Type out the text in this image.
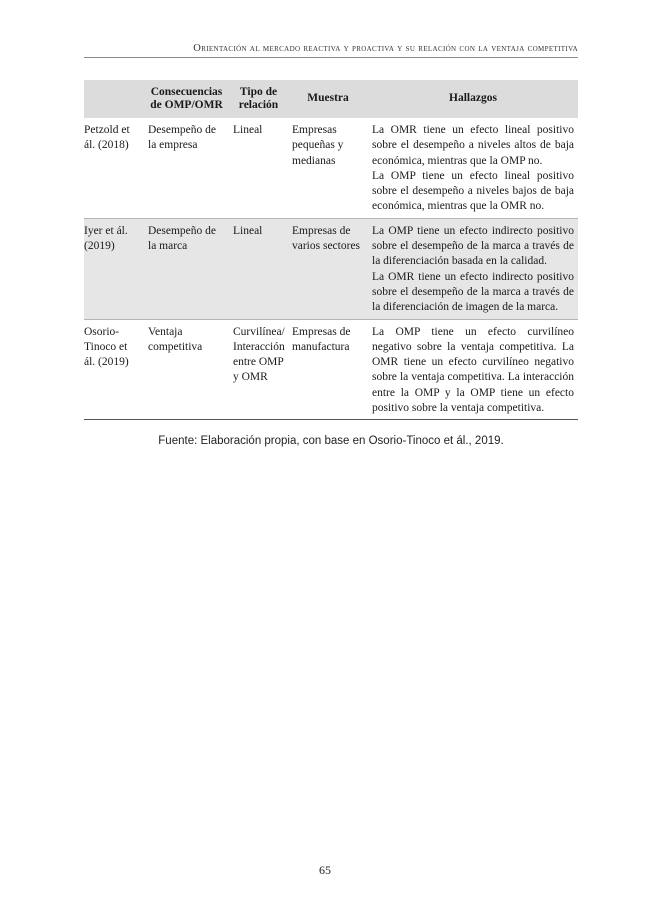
Orientación al mercado reactiva y proactiva y su relación con la ventaja competitiva
	Consecuencias de OMP/OMR	Tipo de relación	Muestra	Hallazgos
Petzold et ál. (2018)	Desempeño de la empresa	Lineal	Empresas pequeñas y medianas	La OMR tiene un efecto lineal positivo sobre el desempeño a niveles altos de baja económica, mientras que la OMP no.

La OMP tiene un efecto lineal positivo sobre el desempeño a niveles bajos de baja económica, mientras que la OMR no.

Iyer et ál. (2019)	Desempeño de la marca	Lineal	Empresas de varios sectores	La OMP tiene un efecto indirecto positivo sobre el desempeño de la marca a través de la diferenciación basada en la calidad.

La OMR tiene un efecto indirecto positivo sobre el desempeño de la marca a través de la diferenciación de imagen de la marca.

Osorio-Tinoco et ál. (2019)	Ventaja competitiva	Curvilínea/ Interacción entre OMP y OMR	Empresas de manufactura	La OMP tiene un efecto curvilíneo negativo sobre la ventaja competitiva. La OMR tiene un efecto curvilíneo negativo sobre la ventaja competitiva. La interacción entre la OMP y la OMP tiene un efecto positivo sobre la ventaja competitiva.

Fuente: Elaboración propia, con base en Osorio-Tinoco et ál., 2019.
65
